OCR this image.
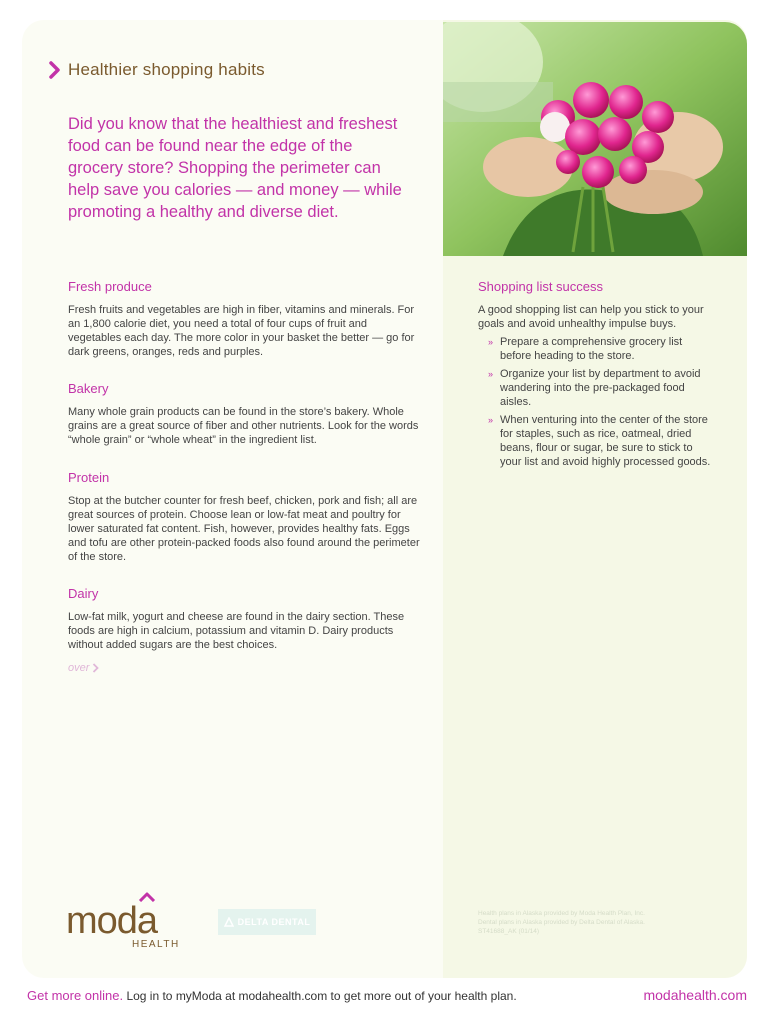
Healthier shopping habits

Did you know that the healthiest and freshest food can be found near the edge of the grocery store? Shopping the perimeter can help save you calories — and money — while promoting a healthy and diverse diet.

Fresh produce

Fresh fruits and vegetables are high in fiber, vitamins and minerals. For an 1,800 calorie diet, you need a total of four cups of fruit and vegetables each day. The more color in your basket the better — go for dark greens, oranges, reds and purples.

Bakery

Many whole grain products can be found in the store’s bakery. Whole grains are a great source of fiber and other nutrients. Look for the words “whole grain” or “whole wheat” in the ingredient list.

Protein

Stop at the butcher counter for fresh beef, chicken, pork and fish; all are great sources of protein. Choose lean or low-fat meat and poultry for lower saturated fat content. Fish, however, provides healthy fats. Eggs and tofu are other protein-packed foods also found around the perimeter of the store.

Dairy

Low-fat milk, yogurt and cheese are found in the dairy section. These foods are high in calcium, potassium and vitamin D. Dairy products without added sugars are the best choices.

over
Shopping list success

A good shopping list can help you stick to your goals and avoid unhealthy impulse buys.

» Prepare a comprehensive grocery list before heading to the store.
» Organize your list by department to avoid wandering into the pre-packaged food aisles.
» When venturing into the center of the store for staples, such as rice, oatmeal, dried beans, flour or sugar, be sure to stick to your list and avoid highly processed goods.
moda
HEALTH
DELTA DENTAL

Health plans in Alaska provided by Moda Health Plan, Inc. Dental plans in Alaska provided by Delta Dental of Alaska. ST41688_AK (01/14)

Get more online. Log in to myModa at modahealth.com to get more out of your health plan.	modahealth.com
